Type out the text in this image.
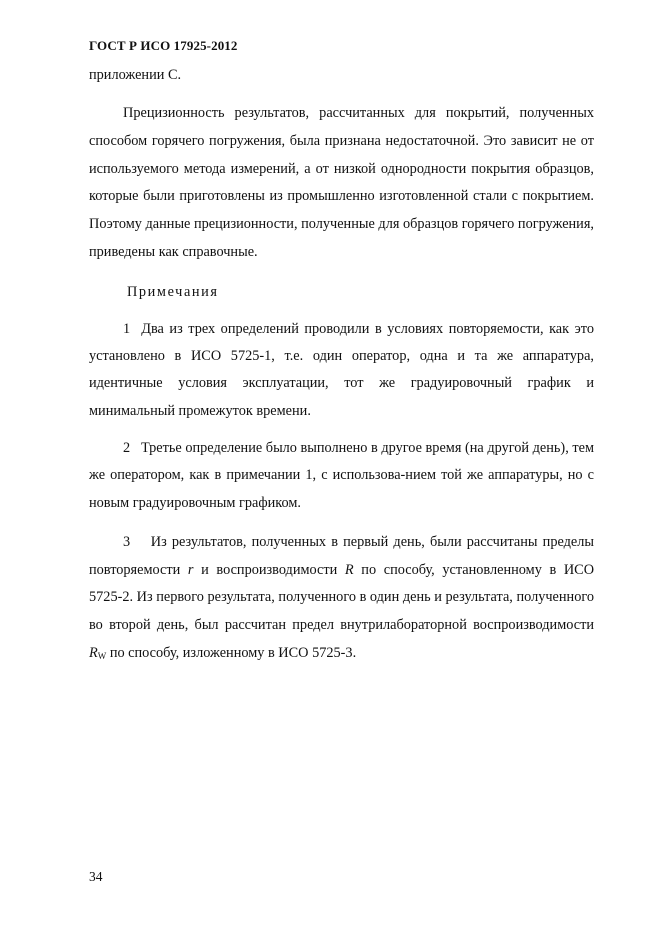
ГОСТ Р ИСО 17925-2012

приложении С.

Прецизионность результатов, рассчитанных для покрытий, полученных способом горячего погружения, была признана недостаточной. Это зависит не от используемого метода измерений, а от низкой однородности покрытия образцов, которые были приготовлены из промышленно изготовленной стали с покрытием. Поэтому данные прецизионности, полученные для образцов горячего погружения, приведены как справочные.

Примечания

1 Два из трех определений проводили в условиях повторяемости, как это установлено в ИСО 5725-1, т.е. один оператор, одна и та же аппаратура, идентичные условия эксплуатации, тот же градуировочный график и минимальный промежуток времени.

2 Третье определение было выполнено в другое время (на другой день), тем же оператором, как в примечании 1, с использова-нием той же аппаратуры, но с новым градуировочным графиком.

3 Из результатов, полученных в первый день, были рассчитаны пределы повторяемости r и воспроизводимости R по способу, установленному в ИСО 5725-2. Из первого результата, полученного в один день и результата, полученного во второй день, был рассчитан предел внутрилабораторной воспроизводимости $R_W$ по способу, изложенному в ИСО 5725-3.

34
